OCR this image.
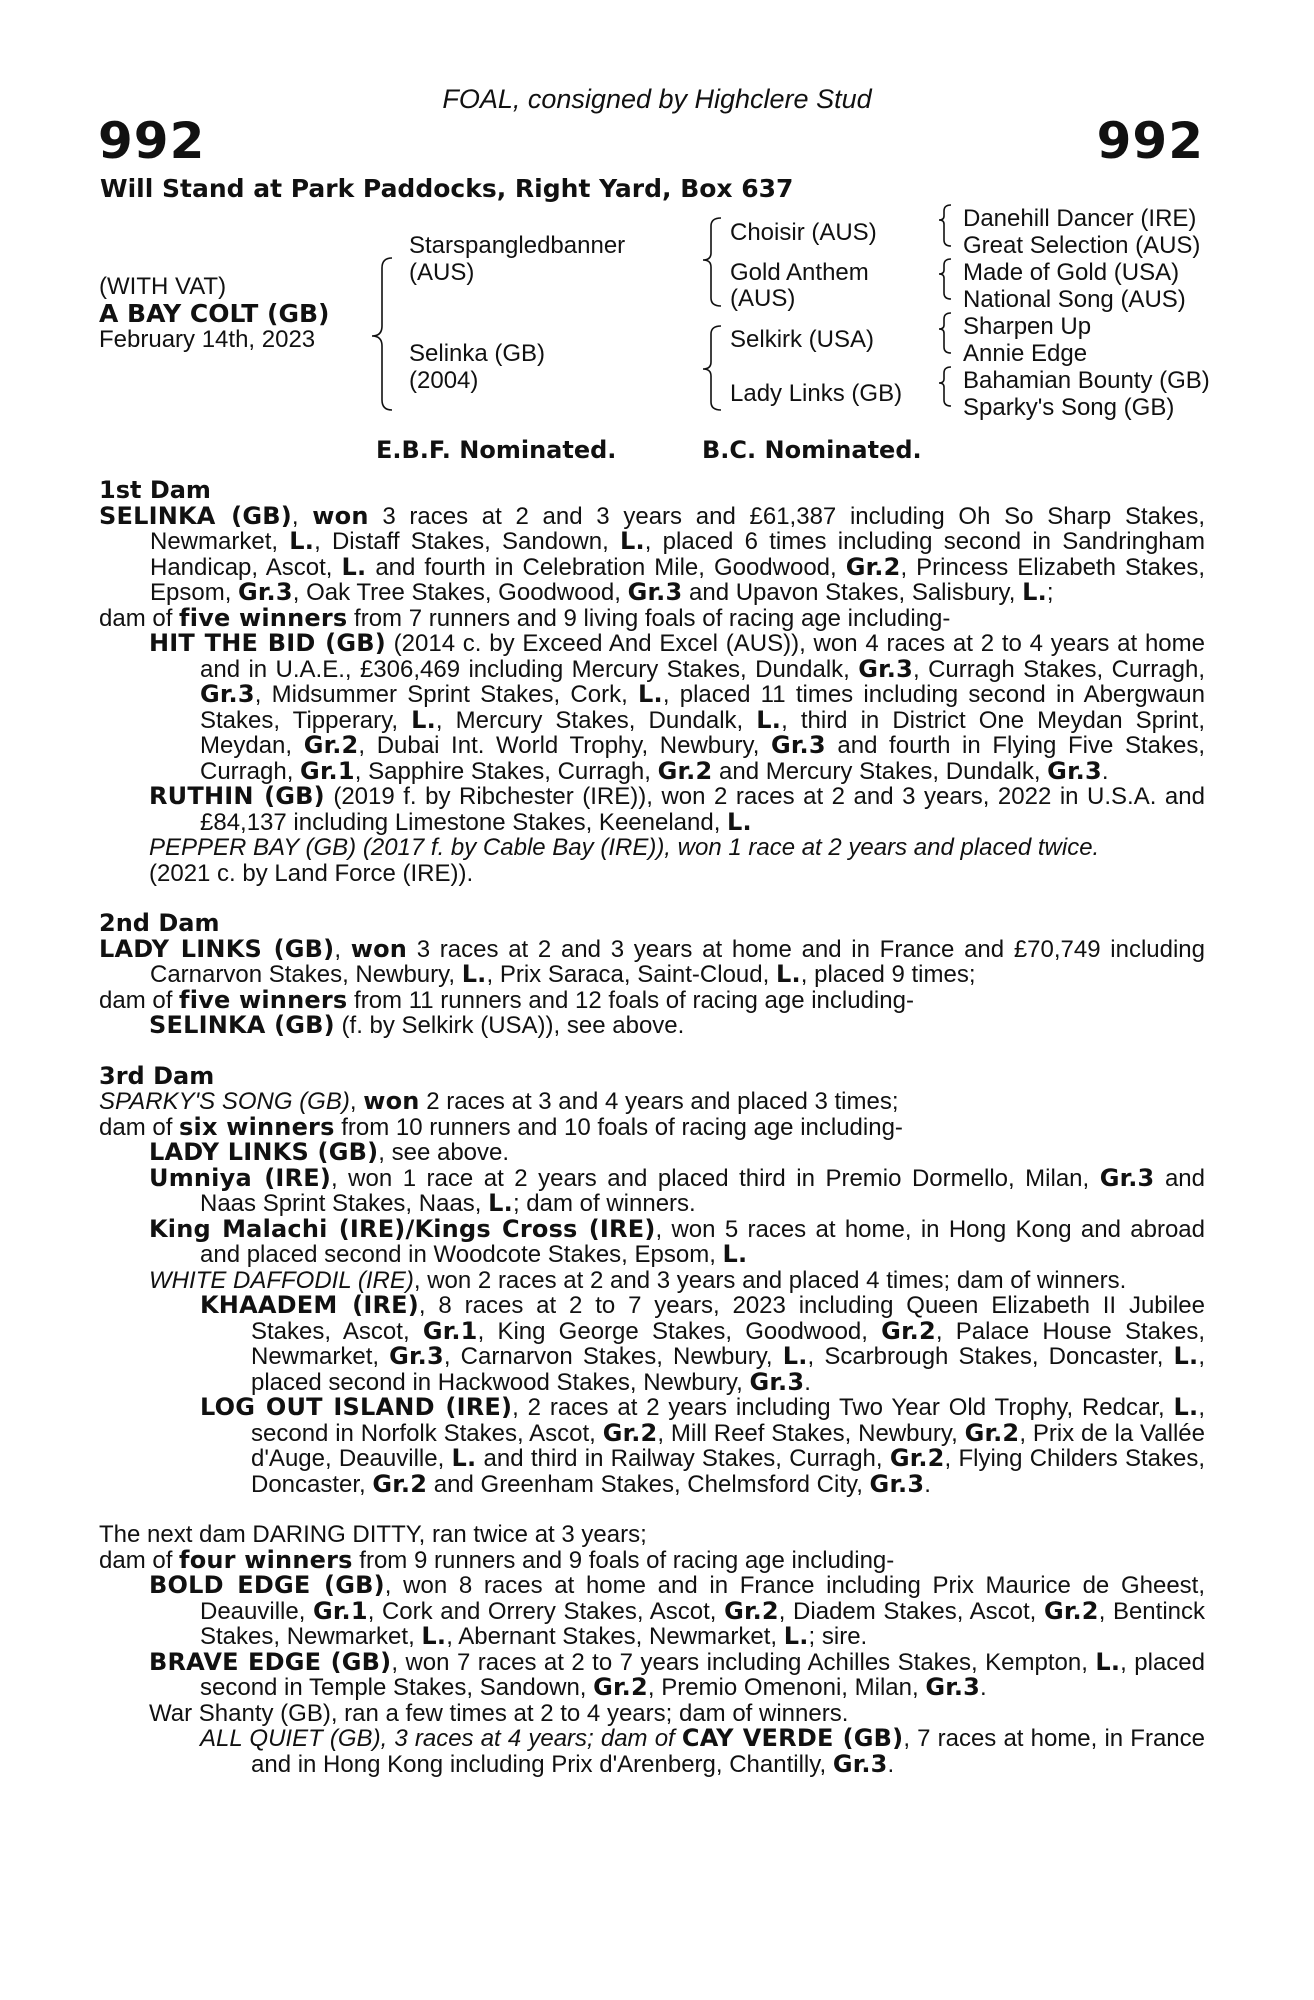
FOAL, consigned by Highclere Stud
992	992
Will Stand at Park Paddocks, Right Yard, Box 637
(WITH VAT)
A BAY COLT (GB)
February 14th, 2023
Starspangledbanner
(AUS)
Selinka (GB)
(2004)
Choisir (AUS)
Gold Anthem
(AUS)
Selkirk (USA)
Lady Links (GB)
Danehill Dancer (IRE)
Great Selection (AUS)
Made of Gold (USA)
National Song (AUS)
Sharpen Up
Annie Edge
Bahamian Bounty (GB)
Sparky's Song (GB)
E.B.F. Nominated.	B.C. Nominated.

1st Dam

SELINKA (GB), won 3 races at 2 and 3 years and £61,387 including Oh So Sharp Stakes, Newmarket, L., Distaff Stakes, Sandown, L., placed 6 times including second in Sandringham Handicap, Ascot, L. and fourth in Celebration Mile, Goodwood, Gr.2, Princess Elizabeth Stakes, Epsom, Gr.3, Oak Tree Stakes, Goodwood, Gr.3 and Upavon Stakes, Salisbury, L.;

dam of five winners from 7 runners and 9 living foals of racing age including-

HIT THE BID (GB) (2014 c. by Exceed And Excel (AUS)), won 4 races at 2 to 4 years at home and in U.A.E., £306,469 including Mercury Stakes, Dundalk, Gr.3, Curragh Stakes, Curragh, Gr.3, Midsummer Sprint Stakes, Cork, L., placed 11 times including second in Abergwaun Stakes, Tipperary, L., Mercury Stakes, Dundalk, L., third in District One Meydan Sprint, Meydan, Gr.2, Dubai Int. World Trophy, Newbury, Gr.3 and fourth in Flying Five Stakes, Curragh, Gr.1, Sapphire Stakes, Curragh, Gr.2 and Mercury Stakes, Dundalk, Gr.3.

RUTHIN (GB) (2019 f. by Ribchester (IRE)), won 2 races at 2 and 3 years, 2022 in U.S.A. and £84,137 including Limestone Stakes, Keeneland, L.

PEPPER BAY (GB) (2017 f. by Cable Bay (IRE)), won 1 race at 2 years and placed twice.

(2021 c. by Land Force (IRE)).

2nd Dam

LADY LINKS (GB), won 3 races at 2 and 3 years at home and in France and £70,749 including Carnarvon Stakes, Newbury, L., Prix Saraca, Saint-Cloud, L., placed 9 times;

dam of five winners from 11 runners and 12 foals of racing age including-

SELINKA (GB) (f. by Selkirk (USA)), see above.

3rd Dam

SPARKY'S SONG (GB), won 2 races at 3 and 4 years and placed 3 times;

dam of six winners from 10 runners and 10 foals of racing age including-

LADY LINKS (GB), see above.

Umniya (IRE), won 1 race at 2 years and placed third in Premio Dormello, Milan, Gr.3 and Naas Sprint Stakes, Naas, L.; dam of winners.

King Malachi (IRE)/Kings Cross (IRE), won 5 races at home, in Hong Kong and abroad and placed second in Woodcote Stakes, Epsom, L.

WHITE DAFFODIL (IRE), won 2 races at 2 and 3 years and placed 4 times; dam of winners.

KHAADEM (IRE), 8 races at 2 to 7 years, 2023 including Queen Elizabeth II Jubilee Stakes, Ascot, Gr.1, King George Stakes, Goodwood, Gr.2, Palace House Stakes, Newmarket, Gr.3, Carnarvon Stakes, Newbury, L., Scarbrough Stakes, Doncaster, L., placed second in Hackwood Stakes, Newbury, Gr.3.

LOG OUT ISLAND (IRE), 2 races at 2 years including Two Year Old Trophy, Redcar, L., second in Norfolk Stakes, Ascot, Gr.2, Mill Reef Stakes, Newbury, Gr.2, Prix de la Vallée d'Auge, Deauville, L. and third in Railway Stakes, Curragh, Gr.2, Flying Childers Stakes, Doncaster, Gr.2 and Greenham Stakes, Chelmsford City, Gr.3.

The next dam DARING DITTY, ran twice at 3 years;

dam of four winners from 9 runners and 9 foals of racing age including-

BOLD EDGE (GB), won 8 races at home and in France including Prix Maurice de Gheest, Deauville, Gr.1, Cork and Orrery Stakes, Ascot, Gr.2, Diadem Stakes, Ascot, Gr.2, Bentinck Stakes, Newmarket, L., Abernant Stakes, Newmarket, L.; sire.

BRAVE EDGE (GB), won 7 races at 2 to 7 years including Achilles Stakes, Kempton, L., placed second in Temple Stakes, Sandown, Gr.2, Premio Omenoni, Milan, Gr.3.

War Shanty (GB), ran a few times at 2 to 4 years; dam of winners.

ALL QUIET (GB), 3 races at 4 years; dam of CAY VERDE (GB), 7 races at home, in France and in Hong Kong including Prix d'Arenberg, Chantilly, Gr.3.
